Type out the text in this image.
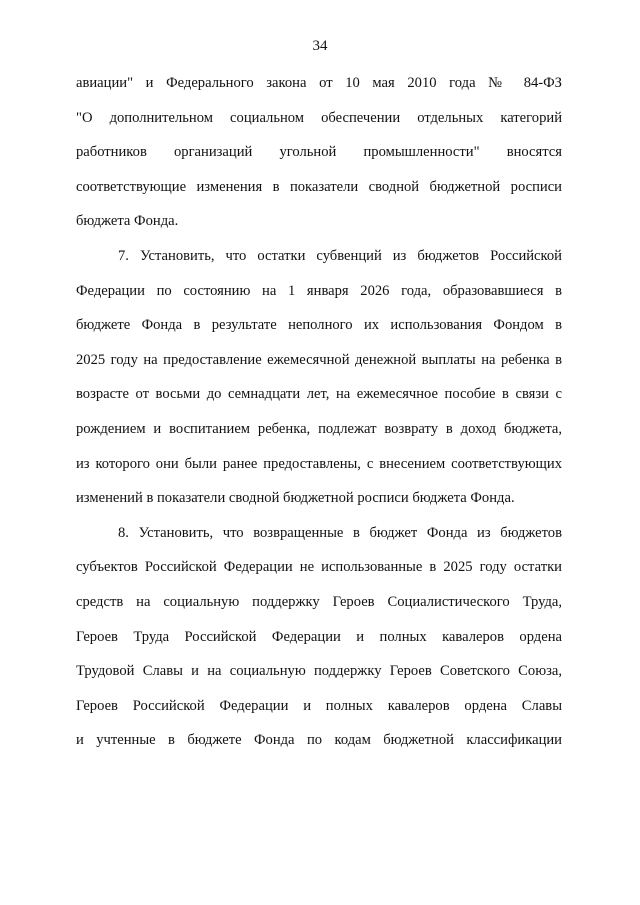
34
авиации" и Федерального закона от 10 мая 2010 года № 84-ФЗ
"О дополнительном социальном обеспечении отдельных категорий
работников организаций угольной промышленности" вносятся
соответствующие изменения в показатели сводной бюджетной росписи
бюджета Фонда.
7. Установить, что остатки субвенций из бюджетов Российской
Федерации по состоянию на 1 января 2026 года, образовавшиеся в
бюджете Фонда в результате неполного их использования Фондом в
2025 году на предоставление ежемесячной денежной выплаты на ребенка в
возрасте от восьми до семнадцати лет, на ежемесячное пособие в связи с
рождением и воспитанием ребенка, подлежат возврату в доход бюджета,
из которого они были ранее предоставлены, с внесением соответствующих
изменений в показатели сводной бюджетной росписи бюджета Фонда.
8. Установить, что возвращенные в бюджет Фонда из бюджетов
субъектов Российской Федерации не использованные в 2025 году остатки
средств на социальную поддержку Героев Социалистического Труда,
Героев Труда Российской Федерации и полных кавалеров ордена
Трудовой Славы и на социальную поддержку Героев Советского Союза,
Героев Российской Федерации и полных кавалеров ордена Славы
и учтенные в бюджете Фонда по кодам бюджетной классификации
